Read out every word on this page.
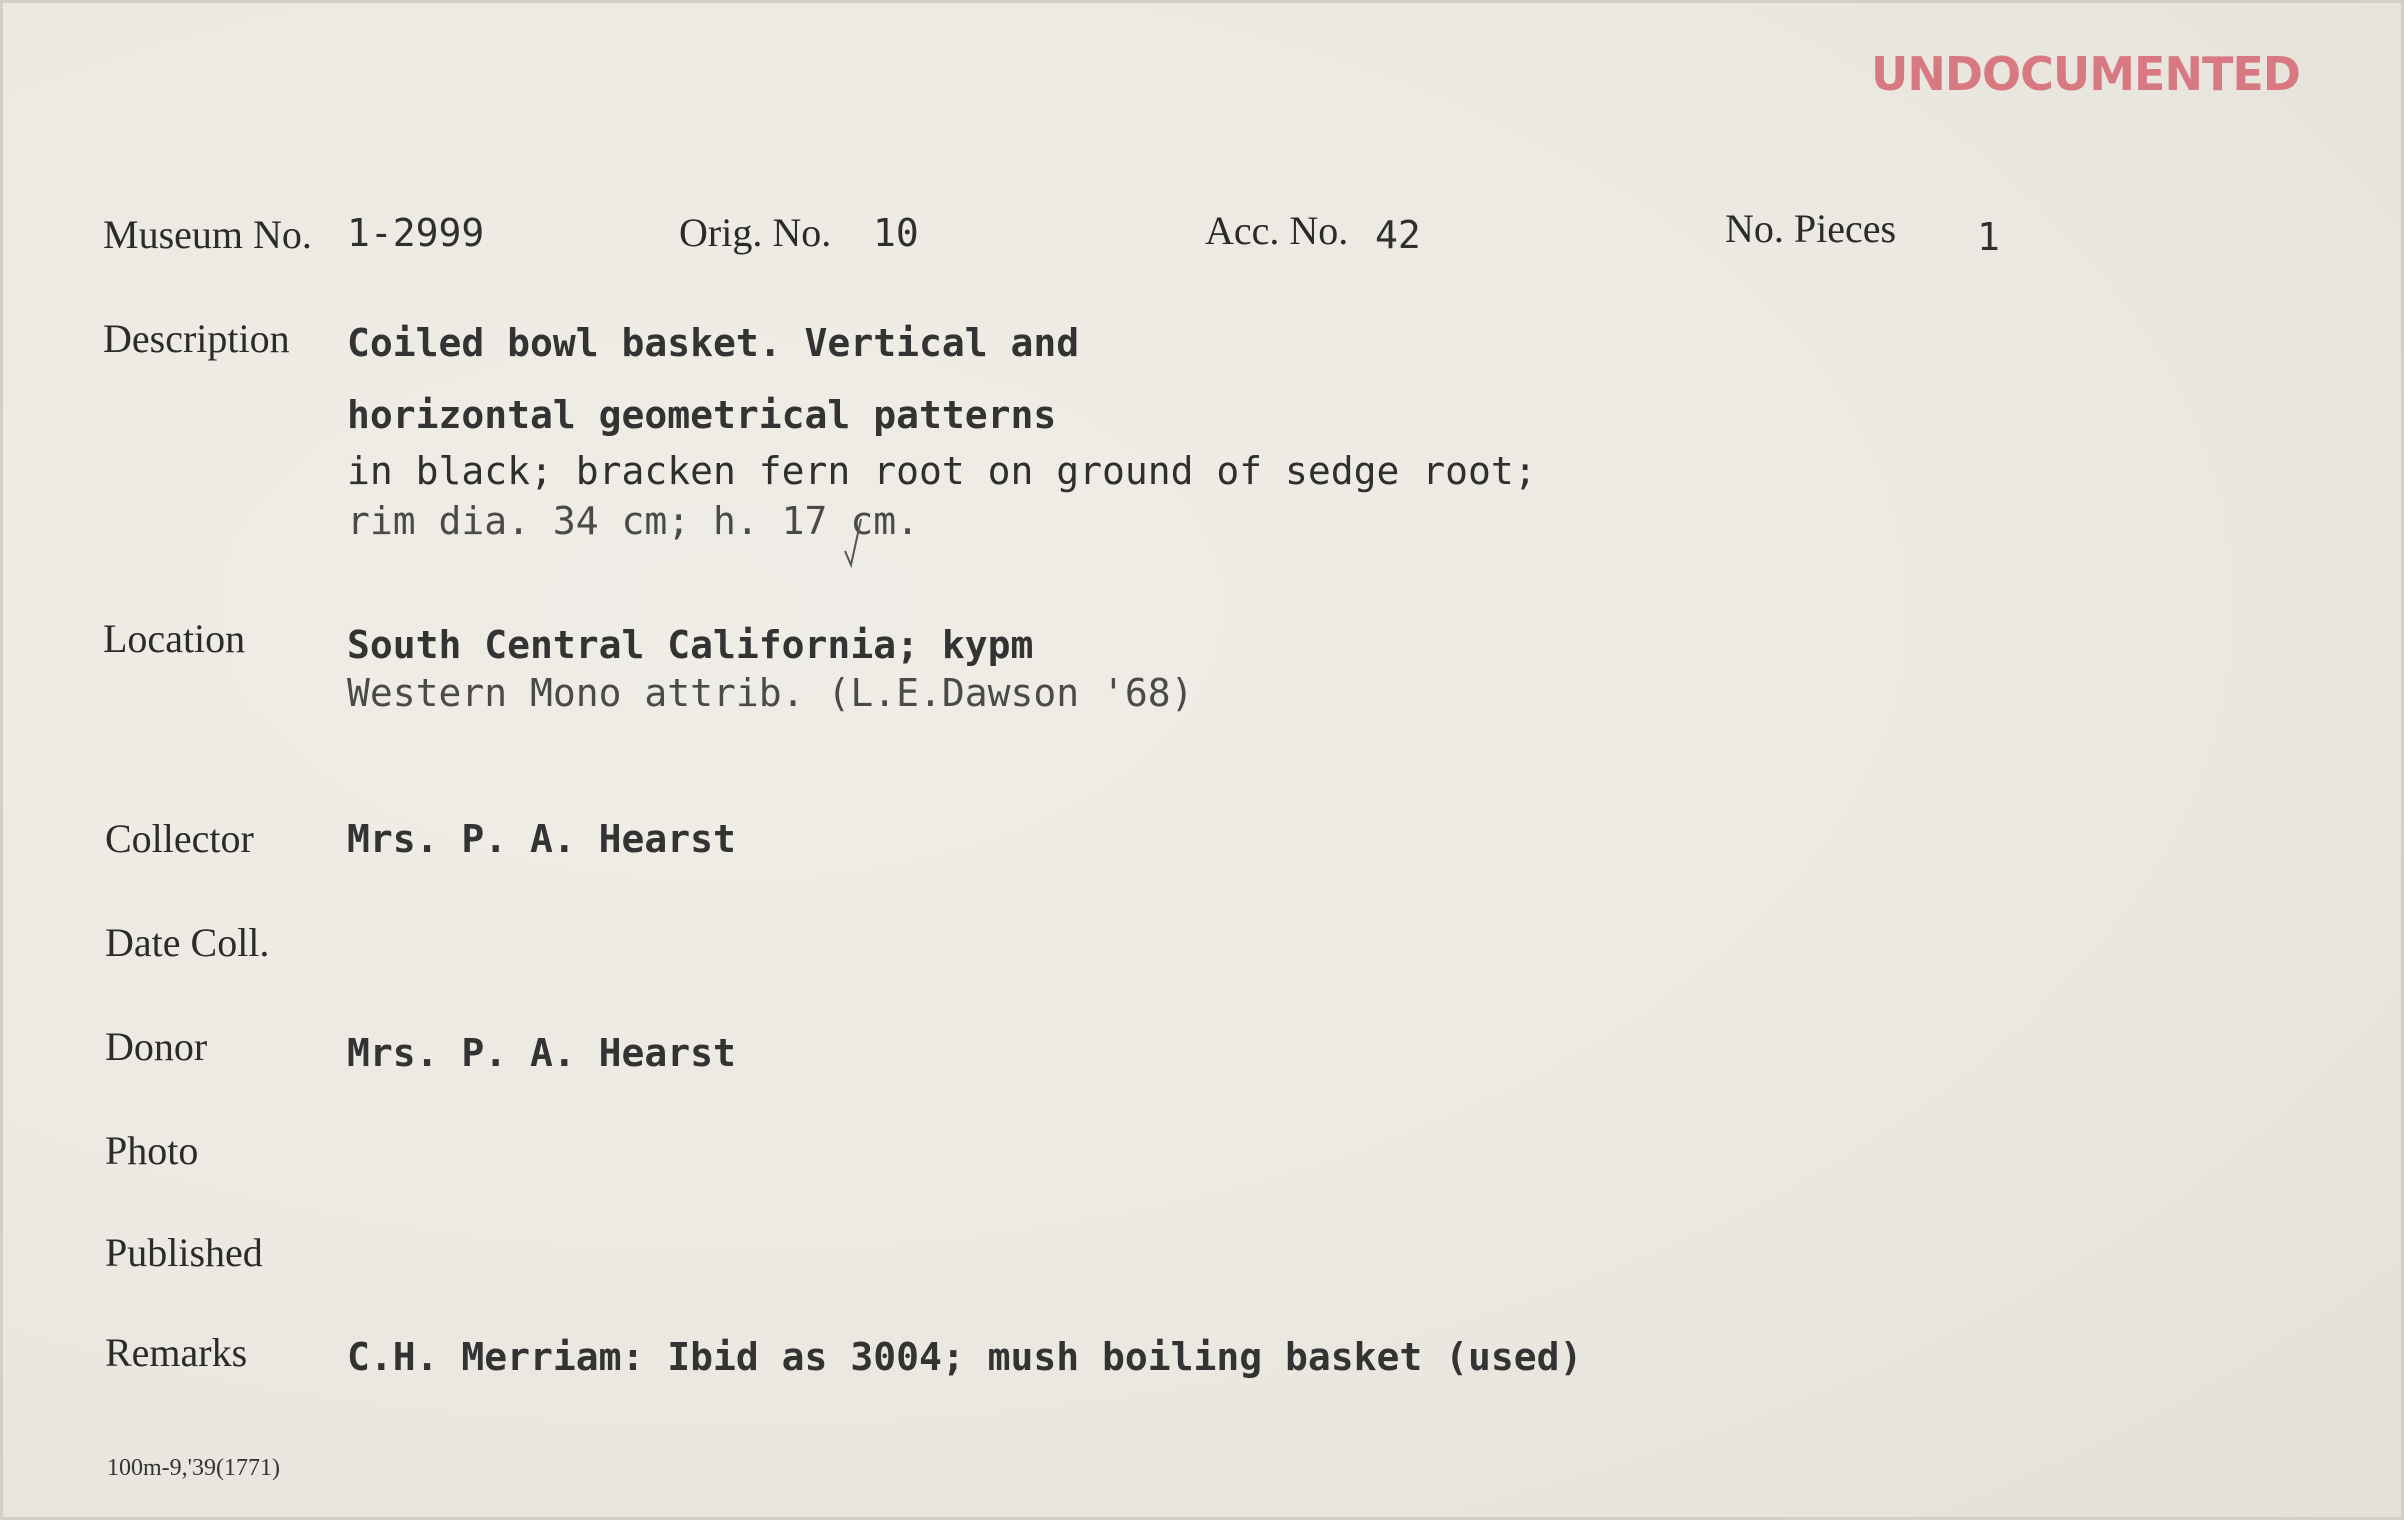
UNDOCUMENTED
Museum No. 1-2999	Orig. No. 10	Acc. No. 42	No. Pieces 1
Description Coiled bowl basket. Vertical and
horizontal geometrical patterns
in black; bracken fern root on ground of sedge root;
rim dia. 34 cm; h. 17 cm.
Location	South Central California; kypm
Western Mono attrib. (L.E.Dawson '68)
Collector Mrs. P. A. Hearst
Date Coll.
Donor	Mrs. P. A. Hearst
Photo
Published
Remarks	C.H. Merriam: Ibid as 3004; mush boiling basket (used)
100m-9,'39(1771)
